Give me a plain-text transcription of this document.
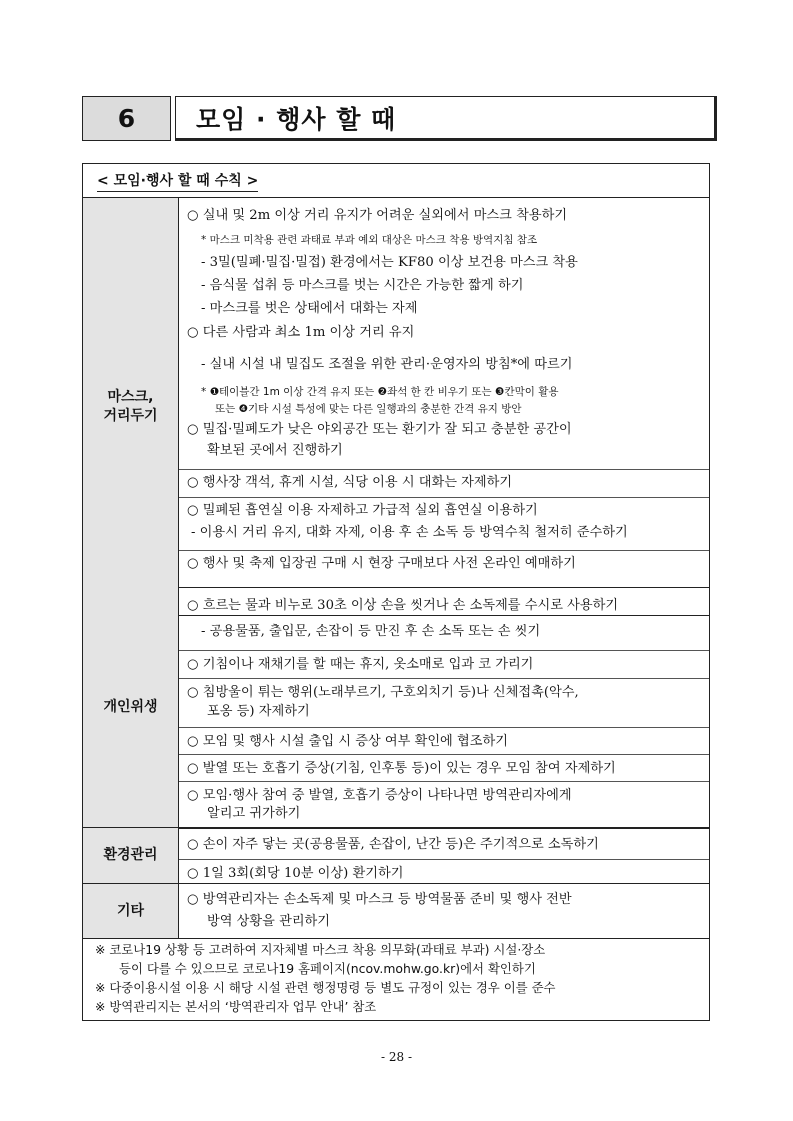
6	모임 · 행사 할 때
< 모임·행사 할 때 수칙 >
마스크,
거리두기
○ 실내 및 2m 이상 거리 유지가 어려운 실외에서 마스크 착용하기
* 마스크 미착용 관련 과태료 부과 예외 대상은 마스크 착용 방역지침 참조
- 3밀(밀폐·밀집·밀접) 환경에서는 KF80 이상 보건용 마스크 착용
- 음식물 섭취 등 마스크를 벗는 시간은 가능한 짧게 하기
- 마스크를 벗은 상태에서 대화는 자제
○ 다른 사람과 최소 1m 이상 거리 유지
- 실내 시설 내 밀집도 조절을 위한 관리·운영자의 방침*에 따르기
* ❶테이블간 1m 이상 간격 유지 또는 ❷좌석 한 칸 비우기 또는 ❸칸막이 활용
또는 ❹기타 시설 특성에 맞는 다른 일행과의 충분한 간격 유지 방안
○ 밀집·밀폐도가 낮은 야외공간 또는 환기가 잘 되고 충분한 공간이
확보된 곳에서 진행하기
○ 행사장 객석, 휴게 시설, 식당 이용 시 대화는 자제하기
○ 밀폐된 흡연실 이용 자제하고 가급적 실외 흡연실 이용하기
- 이용시 거리 유지, 대화 자제, 이용 후 손 소독 등 방역수칙 철저히 준수하기
○ 행사 및 축제 입장권 구매 시 현장 구매보다 사전 온라인 예매하기
개인위생
○ 흐르는 물과 비누로 30초 이상 손을 씻거나 손 소독제를 수시로 사용하기
- 공용물품, 출입문, 손잡이 등 만진 후 손 소독 또는 손 씻기
○ 기침이나 재채기를 할 때는 휴지, 옷소매로 입과 코 가리기
○ 침방울이 튀는 행위(노래부르기, 구호외치기 등)나 신체접촉(악수,
포옹 등) 자제하기
○ 모임 및 행사 시설 출입 시 증상 여부 확인에 협조하기
○ 발열 또는 호흡기 증상(기침, 인후통 등)이 있는 경우 모임 참여 자제하기
○ 모임·행사 참여 중 발열, 호흡기 증상이 나타나면 방역관리자에게
알리고 귀가하기
환경관리
○ 손이 자주 닿는 곳(공용물품, 손잡이, 난간 등)은 주기적으로 소독하기
○ 1일 3회(회당 10분 이상) 환기하기
기타
○ 방역관리자는 손소독제 및 마스크 등 방역물품 준비 및 행사 전반
방역 상황을 관리하기
※ 코로나19 상황 등 고려하여 지자체별 마스크 착용 의무화(과태료 부과) 시설·장소
등이 다를 수 있으므로 코로나19 홈페이지(ncov.mohw.go.kr)에서 확인하기
※ 다중이용시설 이용 시 해당 시설 관련 행정명령 등 별도 규정이 있는 경우 이를 준수
※ 방역관리지는 본서의 ‘방역관리자 업무 안내’ 참조
- 28 -
